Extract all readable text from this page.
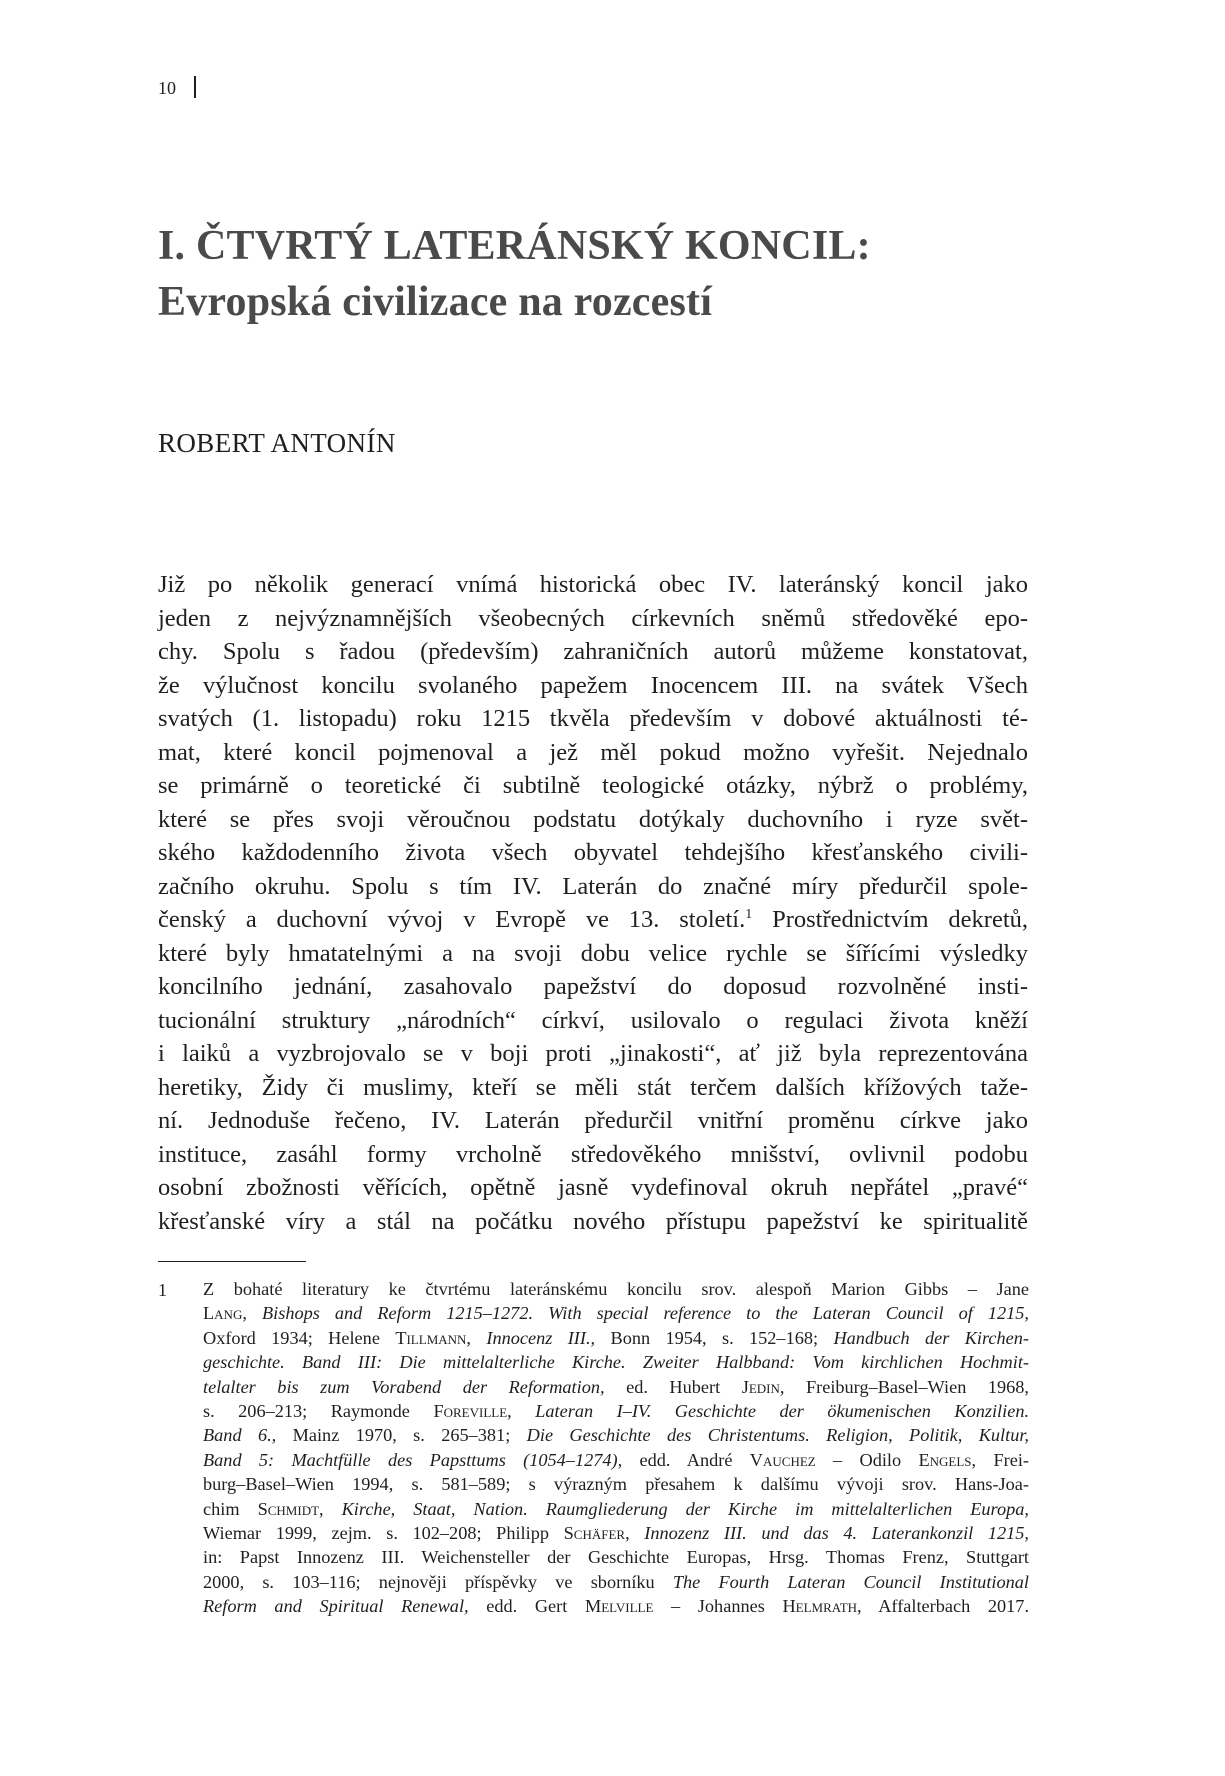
10
I. ČTVRTÝ LATERÁNSKÝ KONCIL:
Evropská civilizace na rozcestí
ROBERT ANTONÍN
Již po několik generací vnímá historická obec IV. lateránský koncil jako
jeden z nejvýznamnějších všeobecných církevních sněmů středověké epo-
chy. Spolu s řadou (především) zahraničních autorů můžeme konstatovat,
že výlučnost koncilu svolaného papežem Inocencem III. na svátek Všech
svatých (1. listopadu) roku 1215 tkvěla především v dobové aktuálnosti té-
mat, které koncil pojmenoval a jež měl pokud možno vyřešit. Nejednalo
se primárně o teoretické či subtilně teologické otázky, nýbrž o problémy,
které se přes svoji věroučnou podstatu dotýkaly duchovního i ryze svět-
ského každodenního života všech obyvatel tehdejšího křesťanského civili-
začního okruhu. Spolu s tím IV. Laterán do značné míry předurčil spole-
čenský a duchovní vývoj v Evropě ve 13. století.$^1$ Prostřednictvím dekretů,
které byly hmatatelnými a na svoji dobu velice rychle se šířícími výsledky
koncilního jednání, zasahovalo papežství do doposud rozvolněné insti-
tucionální struktury „národních“ církví, usilovalo o regulaci života kněží
i laiků a vyzbrojovalo se v boji proti „jinakosti“, ať již byla reprezentována
heretiky, Židy či muslimy, kteří se měli stát terčem dalších křížových taže-
ní. Jednoduše řečeno, IV. Laterán předurčil vnitřní proměnu církve jako
instituce, zasáhl formy vrcholně středověkého mnišství, ovlivnil podobu
osobní zbožnosti věřících, opětně jasně vydefinoval okruh nepřátel „pravé“
křesťanské víry a stál na počátku nového přístupu papežství ke spiritualitě
1 Z bohaté literatury ke čtvrtému lateránskému koncilu srov. alespoň Marion Gibbs – Jane
Lang, Bishops and Reform 1215–1272. With special reference to the Lateran Council of 1215,
Oxford 1934; Helene Tillmann, Innocenz III., Bonn 1954, s. 152–168; Handbuch der Kirchen-
geschichte. Band III: Die mittelalterliche Kirche. Zweiter Halbband: Vom kirchlichen Hochmit-
telalter bis zum Vorabend der Reformation, ed. Hubert Jedin, Freiburg–Basel–Wien 1968,
s. 206–213; Raymonde Foreville, Lateran I–IV. Geschichte der ökumenischen Konzilien.
Band 6., Mainz 1970, s. 265–381; Die Geschichte des Christentums. Religion, Politik, Kultur,
Band 5: Machtfülle des Papsttums (1054–1274), edd. André Vauchez – Odilo Engels, Frei-
burg–Basel–Wien 1994, s. 581–589; s výrazným přesahem k dalšímu vývoji srov. Hans-Joa-
chim Schmidt, Kirche, Staat, Nation. Raumgliederung der Kirche im mittelalterlichen Europa,
Wiemar 1999, zejm. s. 102–208; Philipp Schäfer, Innozenz III. und das 4. Laterankonzil 1215,
in: Papst Innozenz III. Weichensteller der Geschichte Europas, Hrsg. Thomas Frenz, Stuttgart
2000, s. 103–116; nejnověji příspěvky ve sborníku The Fourth Lateran Council Institutional
Reform and Spiritual Renewal, edd. Gert Melville – Johannes Helmrath, Affalterbach 2017.
